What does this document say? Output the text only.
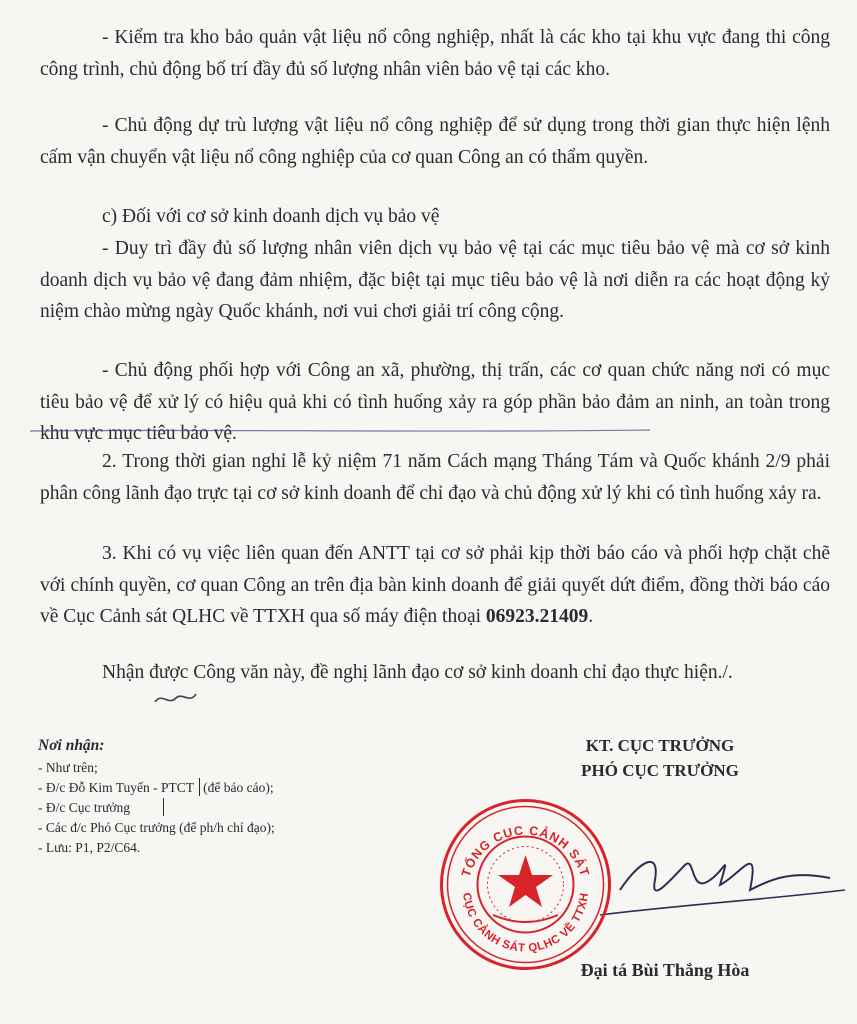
- Kiểm tra kho bảo quản vật liệu nổ công nghiệp, nhất là các kho tại khu vực đang thi công công trình, chủ động bố trí đầy đủ số lượng nhân viên bảo vệ tại các kho.

- Chủ động dự trù lượng vật liệu nổ công nghiệp để sử dụng trong thời gian thực hiện lệnh cấm vận chuyển vật liệu nổ công nghiệp của cơ quan Công an có thẩm quyền.

c) Đối với cơ sở kinh doanh dịch vụ bảo vệ

- Duy trì đầy đủ số lượng nhân viên dịch vụ bảo vệ tại các mục tiêu bảo vệ mà cơ sở kinh doanh dịch vụ bảo vệ đang đảm nhiệm, đặc biệt tại mục tiêu bảo vệ là nơi diễn ra các hoạt động kỷ niệm chào mừng ngày Quốc khánh, nơi vui chơi giải trí công cộng.

- Chủ động phối hợp với Công an xã, phường, thị trấn, các cơ quan chức năng nơi có mục tiêu bảo vệ để xử lý có hiệu quả khi có tình huống xảy ra góp phần bảo đảm an ninh, an toàn trong khu vực mục tiêu bảo vệ.

2. Trong thời gian nghỉ lễ kỷ niệm 71 năm Cách mạng Tháng Tám và Quốc khánh 2/9 phải phân công lãnh đạo trực tại cơ sở kinh doanh để chỉ đạo và chủ động xử lý khi có tình huống xảy ra.

3. Khi có vụ việc liên quan đến ANTT tại cơ sở phải kịp thời báo cáo và phối hợp chặt chẽ với chính quyền, cơ quan Công an trên địa bàn kinh doanh để giải quyết dứt điểm, đồng thời báo cáo về Cục Cảnh sát QLHC về TTXH qua số máy điện thoại 06923.21409.

Nhận được Công văn này, đề nghị lãnh đạo cơ sở kinh doanh chỉ đạo thực hiện./.

Nơi nhận:
- Như trên;
- Đ/c Đỗ Kim Tuyến - PTCT (để báo cáo);
- Đ/c Cục trưởng
- Các đ/c Phó Cục trưởng (để ph/h chỉ đạo);
- Lưu: P1, P2/C64.
KT. CỤC TRƯỞNG
PHÓ CỤC TRƯỞNG
TỔNG CỤC CẢNH SÁT
CỤC CẢNH SÁT QLHC VỀ TTXH
Đại tá Bùi Thắng Hòa
